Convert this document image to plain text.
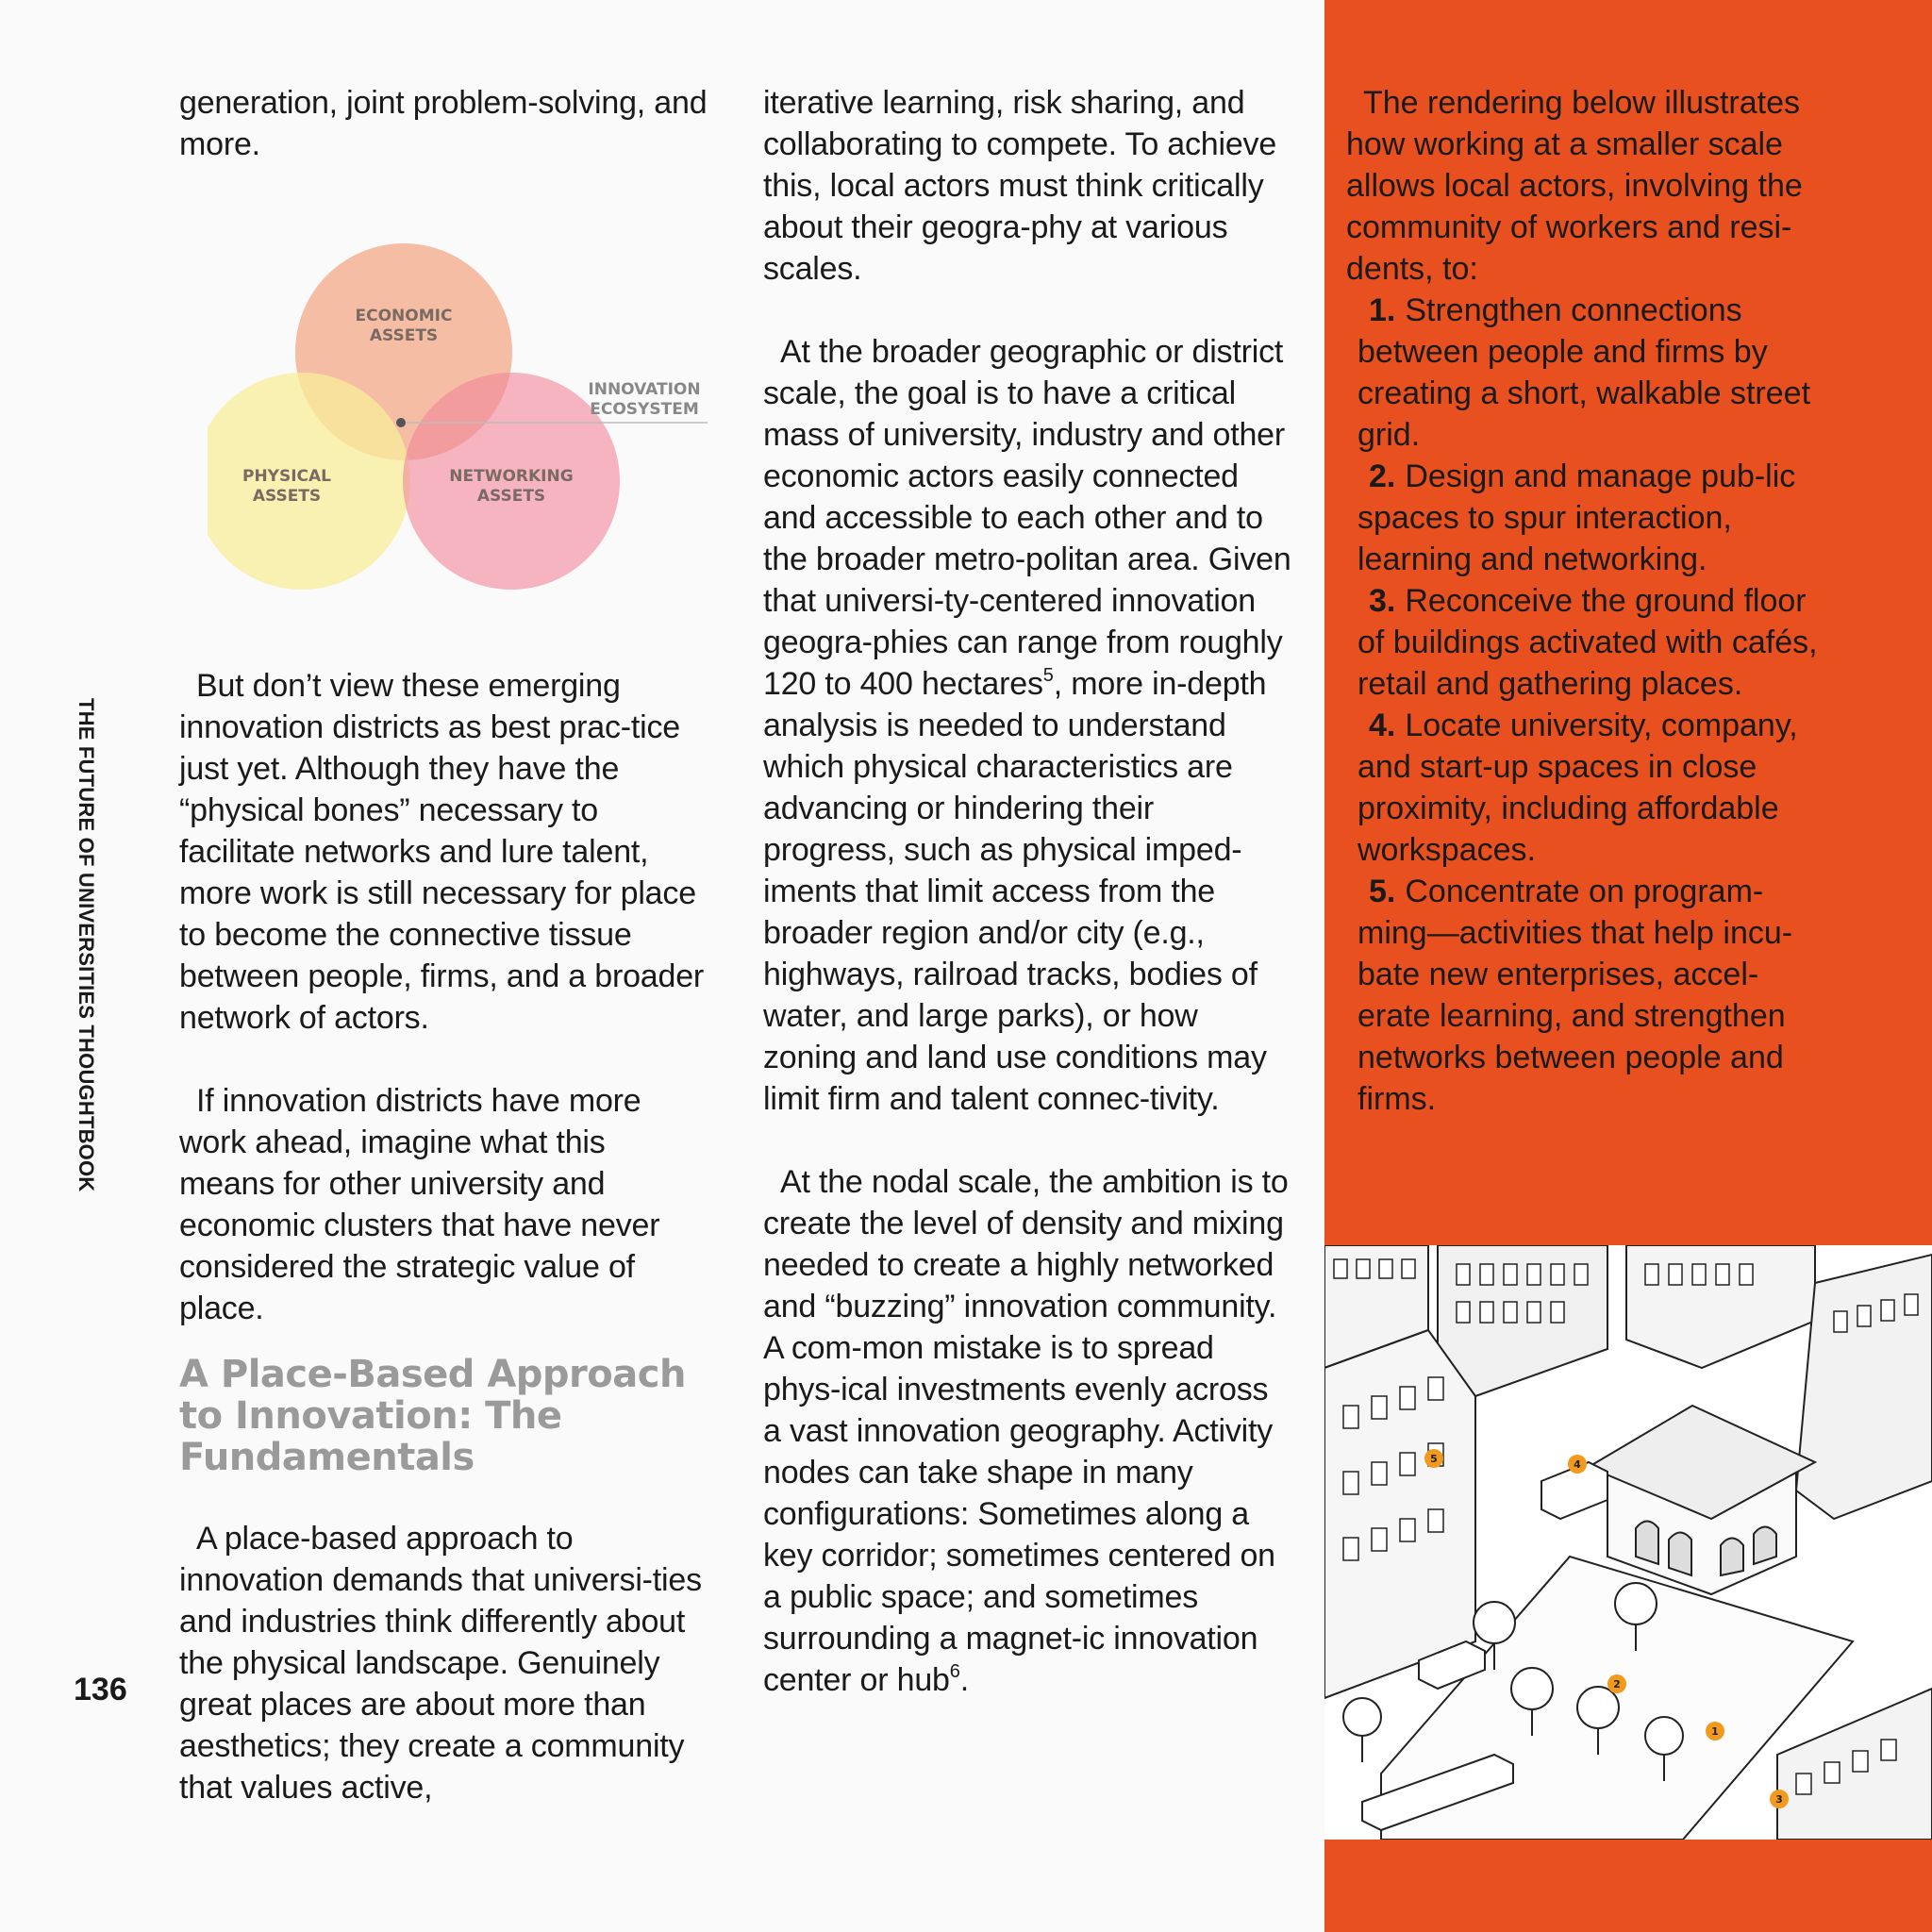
THE FUTURE OF UNIVERSITIES THOUGHTBOOK
136
ECONOMIC
ASSETS
PHYSICAL
ASSETS
NETWORKING
ASSETS
INNOVATION
ECOSYSTEM

generation, joint problem-solving, and more.

But don’t view these emerging innovation districts as best prac-tice just yet. Although they have the “physical bones” necessary to facilitate networks and lure talent, more work is still necessary for place to become the connective tissue between people, firms, and a broader network of actors.

If innovation districts have more work ahead, imagine what this means for other university and economic clusters that have never considered the strategic value of place.

A Place-Based Approach to Innovation: The Fundamentals

A place-based approach to innovation demands that universi-ties and industries think differently about the physical landscape. Genuinely great places are about more than aesthetics; they create a community that values active,

iterative learning, risk sharing, and collaborating to compete. To achieve this, local actors must think critically about their geogra-phy at various scales.

At the broader geographic or district scale, the goal is to have a critical mass of university, industry and other economic actors easily connected and accessible to each other and to the broader metro-politan area. Given that universi-ty-centered innovation geogra-phies can range from roughly 120 to 400 hectares$^5$, more in-depth analysis is needed to understand which physical characteristics are advancing or hindering their progress, such as physical imped-iments that limit access from the broader region and/or city (e.g., highways, railroad tracks, bodies of water, and large parks), or how zoning and land use conditions may limit firm and talent connec-tivity.

At the nodal scale, the ambition is to create the level of density and mixing needed to create a highly networked and “buzzing” innovation community. A com-mon mistake is to spread phys-ical investments evenly across a vast innovation geography. Activity nodes can take shape in many configurations: Sometimes along a key corridor; sometimes centered on a public space; and sometimes surrounding a magnet-ic innovation center or hub$^6$.

The rendering below illustrates how working at a smaller scale allows local actors, involving the community of workers and resi-dents, to:

1. Strengthen connections between people and firms by creating a short, walkable street grid.

2. Design and manage pub-lic spaces to spur interaction, learning and networking.

3. Reconceive the ground floor of buildings activated with cafés, retail and gathering places.

4. Locate university, company, and start-up spaces in close proximity, including affordable workspaces.

5. Concentrate on program-ming—activities that help incu-bate new enterprises, accel-erate learning, and strengthen networks between people and firms.

1
2
3
4
5
